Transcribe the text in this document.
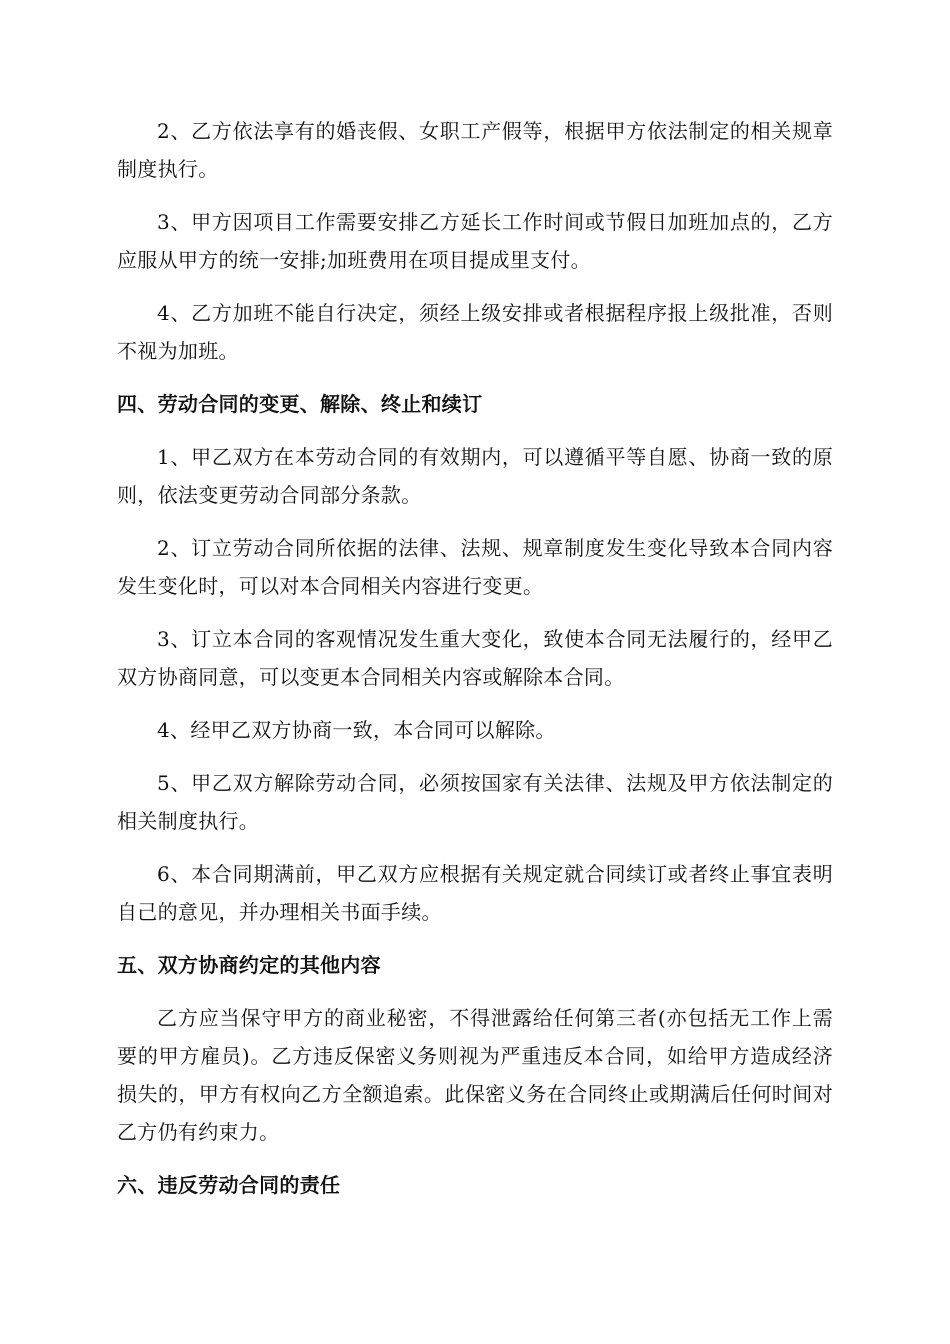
2、乙方依法享有的婚丧假、女职工产假等，根据甲方依法制定的相关规章制度执行。

3、甲方因项目工作需要安排乙方延长工作时间或节假日加班加点的，乙方应服从甲方的统一安排;加班费用在项目提成里支付。

4、乙方加班不能自行决定，须经上级安排或者根据程序报上级批准，否则不视为加班。

四、劳动合同的变更、解除、终止和续订

1、甲乙双方在本劳动合同的有效期内，可以遵循平等自愿、协商一致的原则，依法变更劳动合同部分条款。

2、订立劳动合同所依据的法律、法规、规章制度发生变化导致本合同内容发生变化时，可以对本合同相关内容进行变更。

3、订立本合同的客观情况发生重大变化，致使本合同无法履行的，经甲乙双方协商同意，可以变更本合同相关内容或解除本合同。

4、经甲乙双方协商一致，本合同可以解除。

5、甲乙双方解除劳动合同，必须按国家有关法律、法规及甲方依法制定的相关制度执行。

6、本合同期满前，甲乙双方应根据有关规定就合同续订或者终止事宜表明自己的意见，并办理相关书面手续。

五、双方协商约定的其他内容

乙方应当保守甲方的商业秘密，不得泄露给任何第三者(亦包括无工作上需要的甲方雇员)。乙方违反保密义务则视为严重违反本合同，如给甲方造成经济损失的，甲方有权向乙方全额追索。此保密义务在合同终止或期满后任何时间对乙方仍有约束力。

六、违反劳动合同的责任
